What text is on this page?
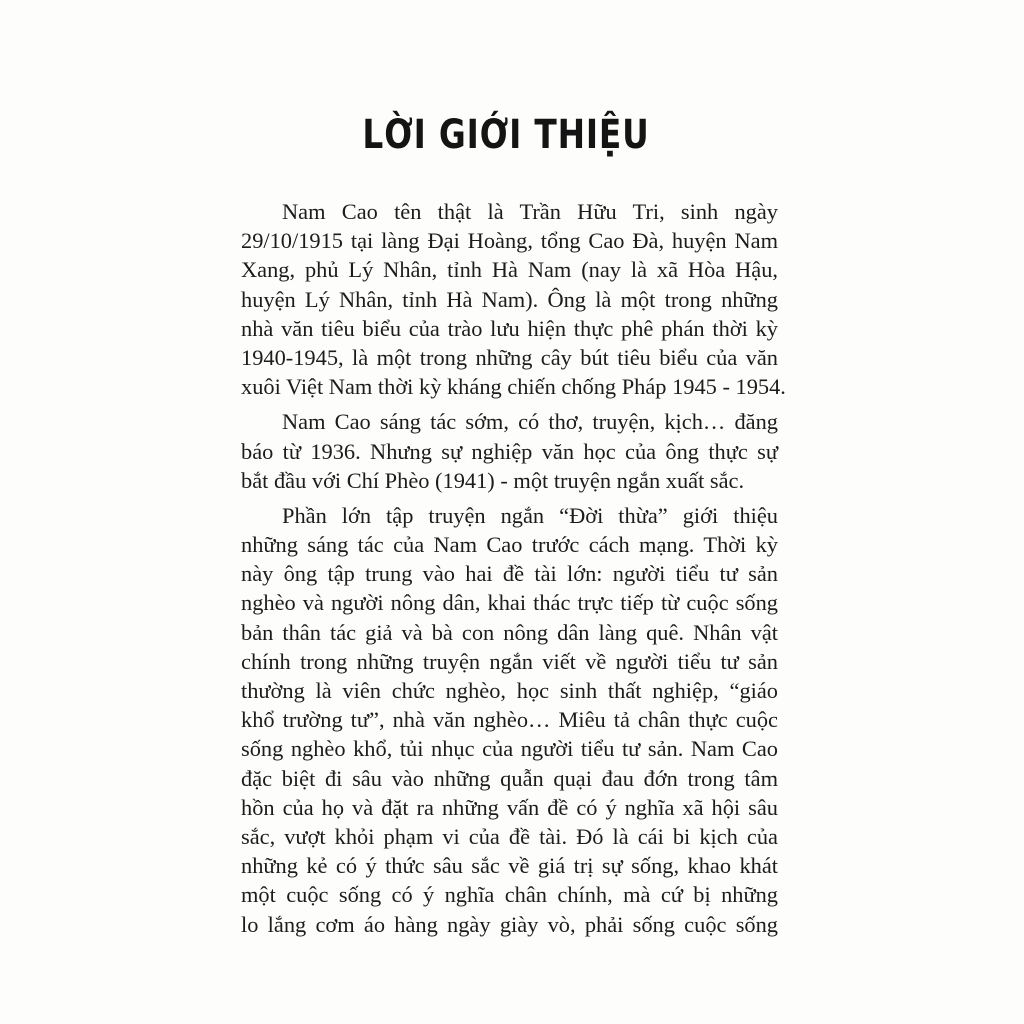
LỜI GIỚI THIỆU
Nam Cao tên thật là Trần Hữu Tri, sinh ngày
29/10/1915 tại làng Đại Hoàng, tổng Cao Đà, huyện Nam
Xang, phủ Lý Nhân, tỉnh Hà Nam (nay là xã Hòa Hậu,
huyện Lý Nhân, tỉnh Hà Nam). Ông là một trong những
nhà văn tiêu biểu của trào lưu hiện thực phê phán thời kỳ
1940-1945, là một trong những cây bút tiêu biểu của văn
xuôi Việt Nam thời kỳ kháng chiến chống Pháp 1945 - 1954.
Nam Cao sáng tác sớm, có thơ, truyện, kịch… đăng
báo từ 1936. Nhưng sự nghiệp văn học của ông thực sự
bắt đầu với Chí Phèo (1941) - một truyện ngắn xuất sắc.
Phần lớn tập truyện ngắn “Đời thừa” giới thiệu
những sáng tác của Nam Cao trước cách mạng. Thời kỳ
này ông tập trung vào hai đề tài lớn: người tiểu tư sản
nghèo và người nông dân, khai thác trực tiếp từ cuộc sống
bản thân tác giả và bà con nông dân làng quê. Nhân vật
chính trong những truyện ngắn viết về người tiểu tư sản
thường là viên chức nghèo, học sinh thất nghiệp, “giáo
khổ trường tư”, nhà văn nghèo… Miêu tả chân thực cuộc
sống nghèo khổ, tủi nhục của người tiểu tư sản. Nam Cao
đặc biệt đi sâu vào những quẫn quại đau đớn trong tâm
hồn của họ và đặt ra những vấn đề có ý nghĩa xã hội sâu
sắc, vượt khỏi phạm vi của đề tài. Đó là cái bi kịch của
những kẻ có ý thức sâu sắc về giá trị sự sống, khao khát
một cuộc sống có ý nghĩa chân chính, mà cứ bị những
lo lắng cơm áo hàng ngày giày vò, phải sống cuộc sống
